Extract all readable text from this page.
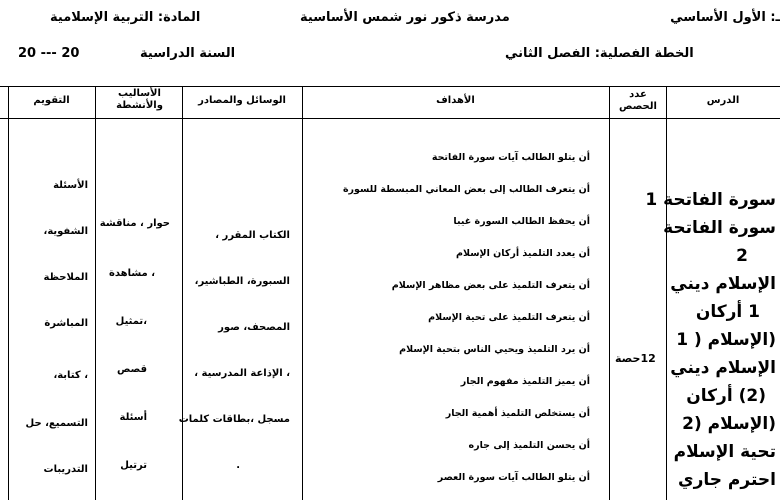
ـ: الأول الأساسي
مدرسة ذكور نور شمس الأساسية
المادة: التربية الإسلامية
الخطة الفصلية: الفصل الثاني
السنة الدراسية
20 --- 20
التقويم
الأساليب والأنشطة	الوسائل والمصادر	الأهداف
عدد الحصص
الدرس
سورة الفاتحة 1
سورة الفاتحة
2
الإسلام ديني
1 أركان
(الإسلام ( 1
الإسلام ديني
(2) أركان
(الإسلام (2
تحية الإسلام
احترم جاري
12حصة
أن يتلو الطالب آيات سورة الفاتحة
أن يتعرف الطالب إلى بعض المعاني المبسطة للسورة
أن يحفظ الطالب السورة غيبا
أن يعدد التلميذ أركان الإسلام
أن يتعرف التلميذ على بعض مظاهر الإسلام
أن يتعرف التلميذ على تحية الإسلام
أن يرد التلميذ ويحيي الناس بتحية الإسلام
أن يميز التلميذ مفهوم الجار
أن يستخلص التلميذ أهمية الجار
أن يحسن التلميذ إلى جاره
أن يتلو الطالب آيات سورة العصر
الكتاب المقرر ،
السبورة، الطباشير،
المصحف، صور
، الإذاعة المدرسية ،
مسجل ،بطاقات كلمات
.
حوار ، مناقشة
، مشاهدة
،تمثيل
قصص
أسئلة
ترتيل
الأسئلة
الشفوية،
الملاحظة
المباشرة
، كتابة،
التسميع، حل
التدريبات
